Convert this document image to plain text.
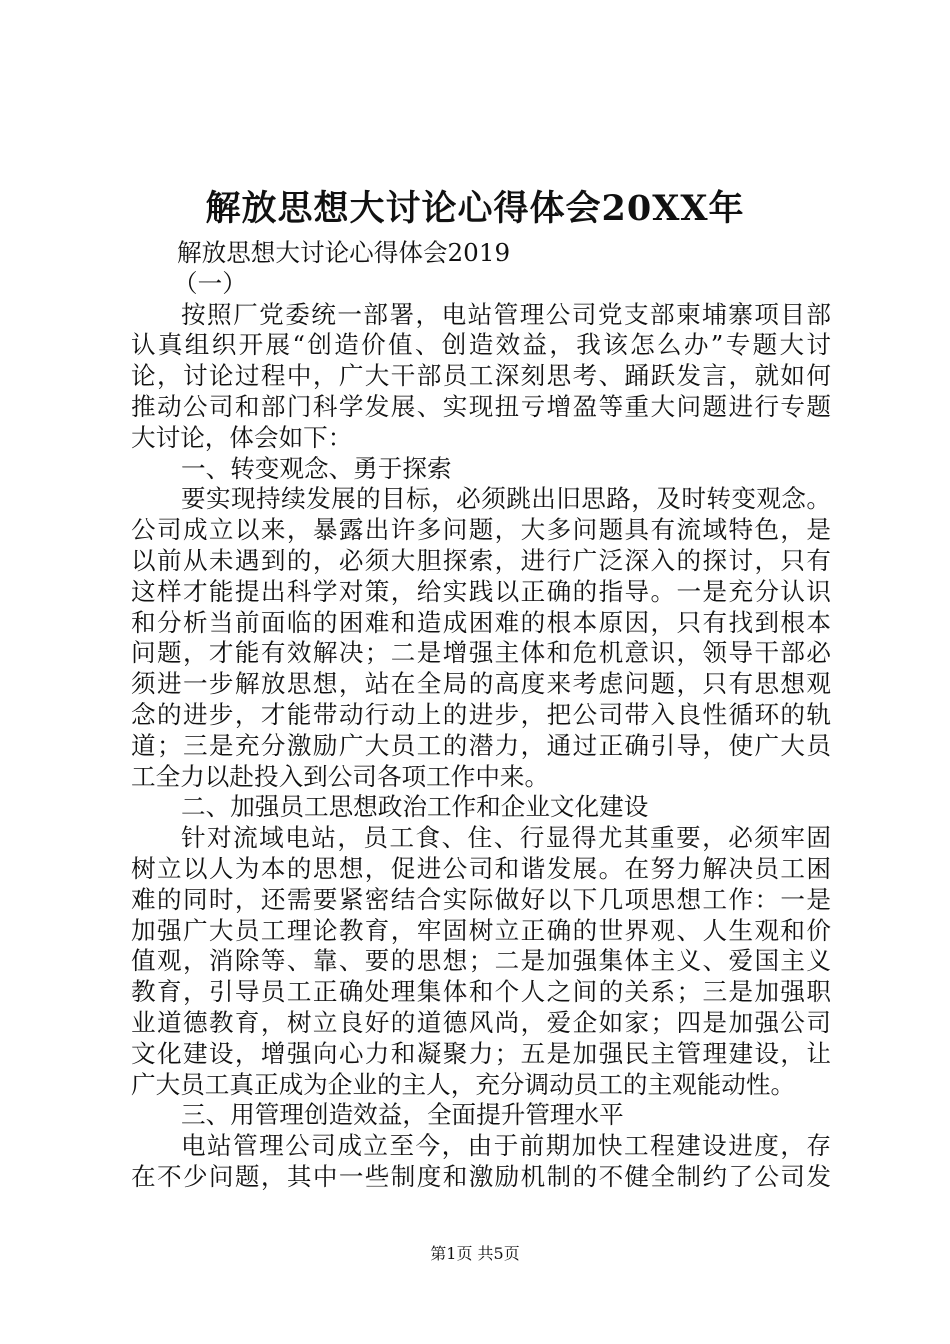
解放思想大讨论心得体会20XX年
解放思想大讨论心得体会2019
（一）
按照厂党委统一部署，电站管理公司党支部柬埔寨项目部
认真组织开展“创造价值、创造效益，我该怎么办”专题大讨
论，讨论过程中，广大干部员工深刻思考、踊跃发言，就如何
推动公司和部门科学发展、实现扭亏增盈等重大问题进行专题
大讨论，体会如下：
一、转变观念、勇于探索
要实现持续发展的目标，必须跳出旧思路，及时转变观念。
公司成立以来，暴露出许多问题，大多问题具有流域特色，是
以前从未遇到的，必须大胆探索，进行广泛深入的探讨，只有
这样才能提出科学对策，给实践以正确的指导。一是充分认识
和分析当前面临的困难和造成困难的根本原因，只有找到根本
问题，才能有效解决；二是增强主体和危机意识，领导干部必
须进一步解放思想，站在全局的高度来考虑问题，只有思想观
念的进步，才能带动行动上的进步，把公司带入良性循环的轨
道；三是充分激励广大员工的潜力，通过正确引导，使广大员
工全力以赴投入到公司各项工作中来。
二、加强员工思想政治工作和企业文化建设
针对流域电站，员工食、住、行显得尤其重要，必须牢固
树立以人为本的思想，促进公司和谐发展。在努力解决员工困
难的同时，还需要紧密结合实际做好以下几项思想工作：一是
加强广大员工理论教育，牢固树立正确的世界观、人生观和价
值观，消除等、靠、要的思想；二是加强集体主义、爱国主义
教育，引导员工正确处理集体和个人之间的关系；三是加强职
业道德教育，树立良好的道德风尚，爱企如家；四是加强公司
文化建设，增强向心力和凝聚力；五是加强民主管理建设，让
广大员工真正成为企业的主人，充分调动员工的主观能动性。
三、用管理创造效益，全面提升管理水平
电站管理公司成立至今，由于前期加快工程建设进度，存
在不少问题，其中一些制度和激励机制的不健全制约了公司发
第1页 共5页
